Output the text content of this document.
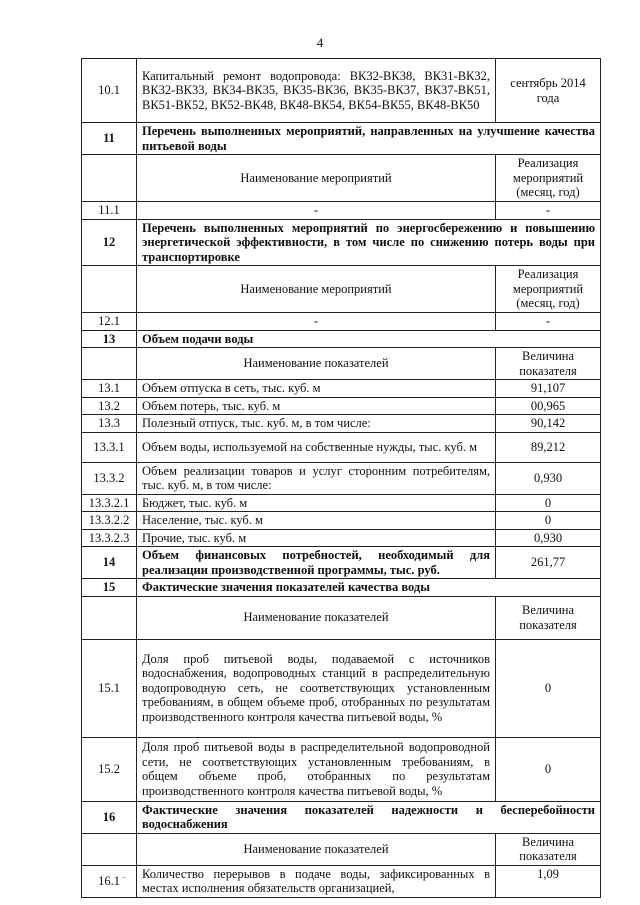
4
10.1	Капитальный ремонт водопровода: ВК32-ВК38, ВК31-ВК32, ВК32-ВК33, ВК34-ВК35, ВК35-ВК36, ВК35-ВК37, ВК37-ВК51, ВК51-ВК52, ВК52-ВК48, ВК48-ВК54, ВК54-ВК55, ВК48-ВК50	сентябрь 2014 года
11	Перечень выполненных мероприятий, направленных на улучшение качества питьевой воды	
	Наименование мероприятий	Реализация мероприятий (месяц, год)
11.1	-	-
12	Перечень выполненных мероприятий по энергосбережению и повышению энергетической эффективности, в том числе по снижению потерь воды при транспортировке	
	Наименование мероприятий	Реализация мероприятий (месяц, год)
12.1	-	-
13	Объем подачи воды	
	Наименование показателей	Величина показателя
13.1	Объем отпуска в сеть, тыс. куб. м	91,107
13.2	Объем потерь, тыс. куб. м	00,965
13.3	Полезный отпуск, тыс. куб. м, в том числе:	90,142
13.3.1	Объем воды, используемой на собственные нужды, тыс. куб. м	89,212
13.3.2	Объем реализации товаров и услуг сторонним потребителям, тыс. куб. м, в том числе:	0,930
13.3.2.1	Бюджет, тыс. куб. м	0
13.3.2.2	Население, тыс. куб. м	0
13.3.2.3	Прочие, тыс. куб. м	0,930
14	Объем финансовых потребностей, необходимый для реализации производственной программы, тыс. руб.	261,77
15	Фактические значения показателей качества воды	
	Наименование показателей	Величина показателя
15.1	Доля проб питьевой воды, подаваемой с источников водоснабжения, водопроводных станций в распределительную водопроводную сеть, не соответствующих установленным требованиям, в общем объеме проб, отобранных по результатам производственного контроля качества питьевой воды, %	0
15.2	Доля проб питьевой воды в распределительной водопроводной сети, не соответствующих установленным требованиям, в общем объеме проб, отобранных по результатам производственного контроля качества питьевой воды, %	0
16	Фактические значения показателей надежности и бесперебойности водоснабжения	
	Наименование показателей	Величина показателя
16.1	Количество перерывов в подаче воды, зафиксированных в местах исполнения обязательств организацией,	1,09
